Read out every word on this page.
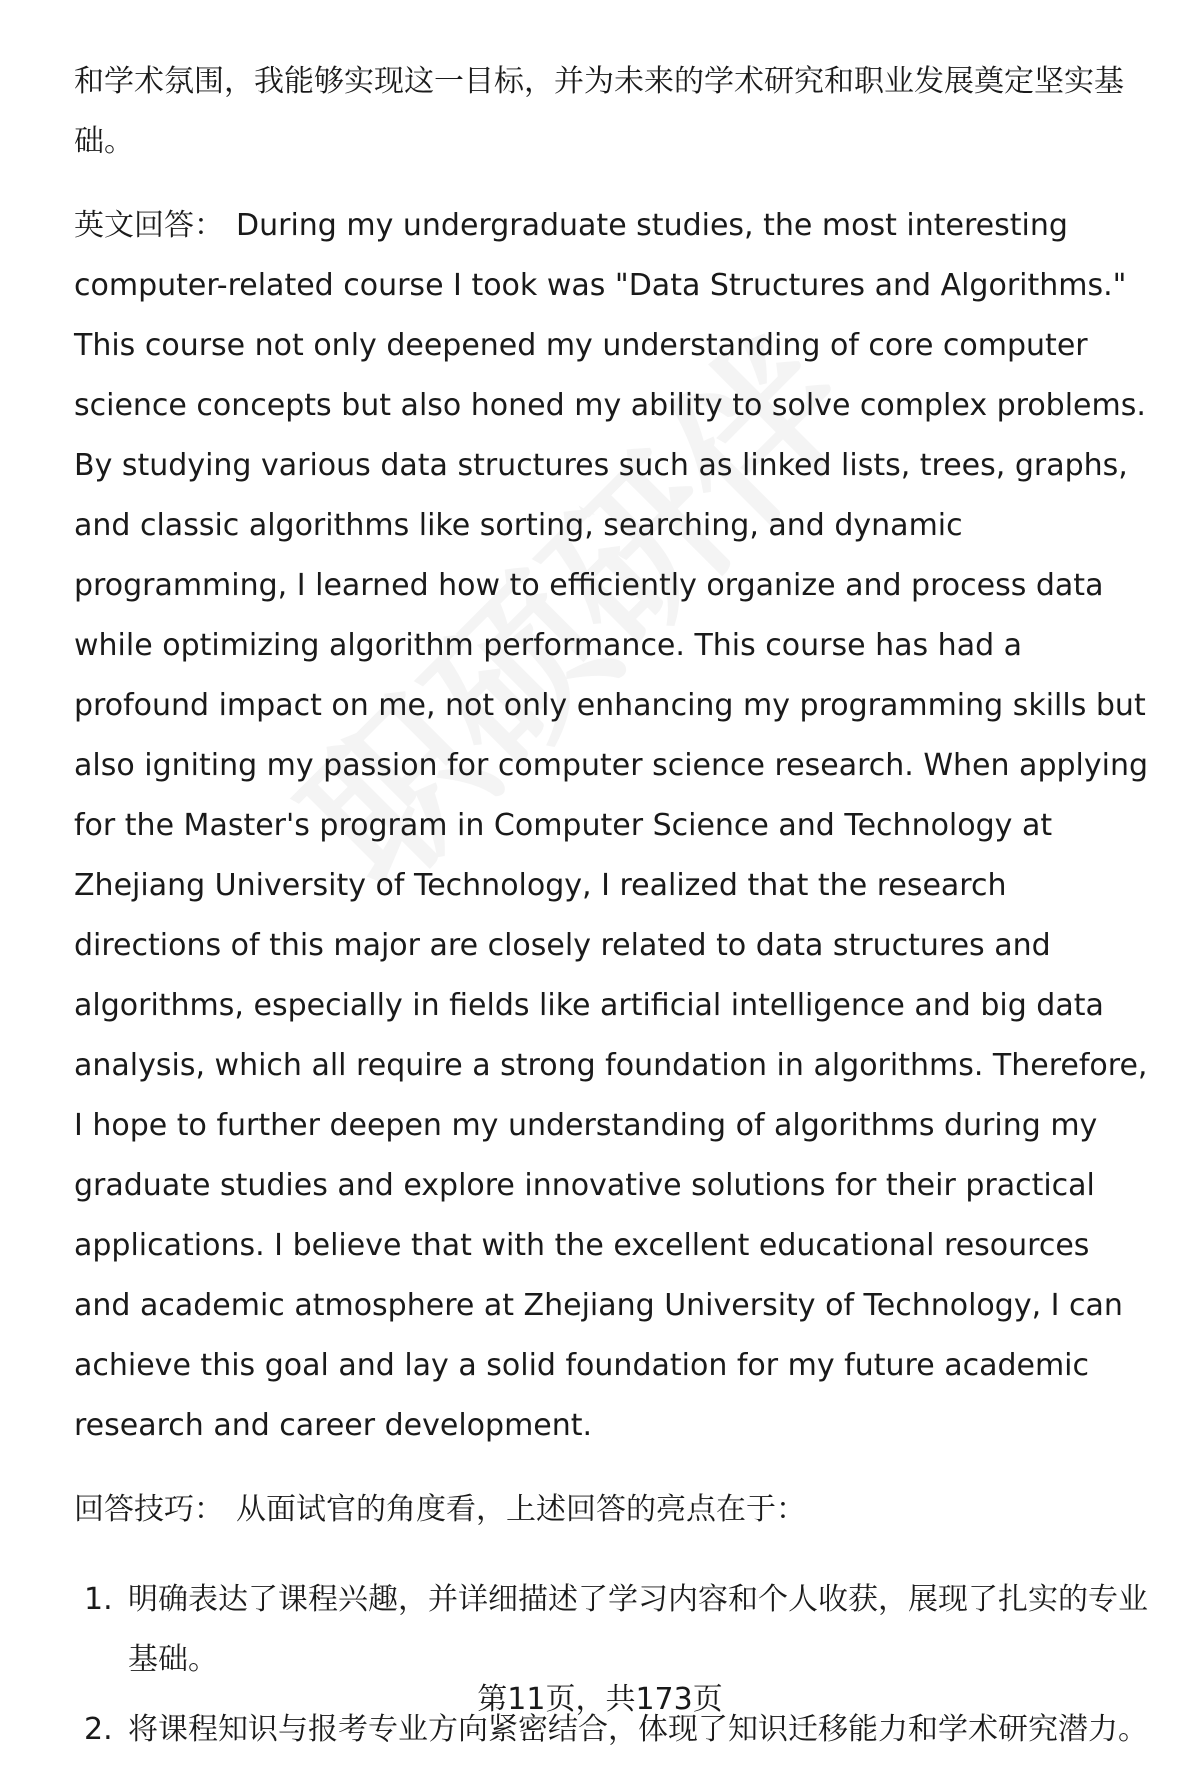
和学术氛围，我能够实现这一目标，并为未来的学术研究和职业发展奠定坚实基础。

英文回答： During my undergraduate studies, the most interesting computer-related course I took was "Data Structures and Algorithms." This course not only deepened my understanding of core computer science concepts but also honed my ability to solve complex problems. By studying various data structures such as linked lists, trees, graphs, and classic algorithms like sorting, searching, and dynamic programming, I learned how to efficiently organize and process data while optimizing algorithm performance. This course has had a profound impact on me, not only enhancing my programming skills but also igniting my passion for computer science research. When applying for the Master's program in Computer Science and Technology at Zhejiang University of Technology, I realized that the research directions of this major are closely related to data structures and algorithms, especially in fields like artificial intelligence and big data analysis, which all require a strong foundation in algorithms. Therefore, I hope to further deepen my understanding of algorithms during my graduate studies and explore innovative solutions for their practical applications. I believe that with the excellent educational resources and academic atmosphere at Zhejiang University of Technology, I can achieve this goal and lay a solid foundation for my future academic research and career development.

回答技巧： 从面试官的角度看，上述回答的亮点在于：

1. 明确表达了课程兴趣，并详细描述了学习内容和个人收获，展现了扎实的专业基础。
2. 将课程知识与报考专业方向紧密结合，体现了知识迁移能力和学术研究潜力。
第11页，共173页
